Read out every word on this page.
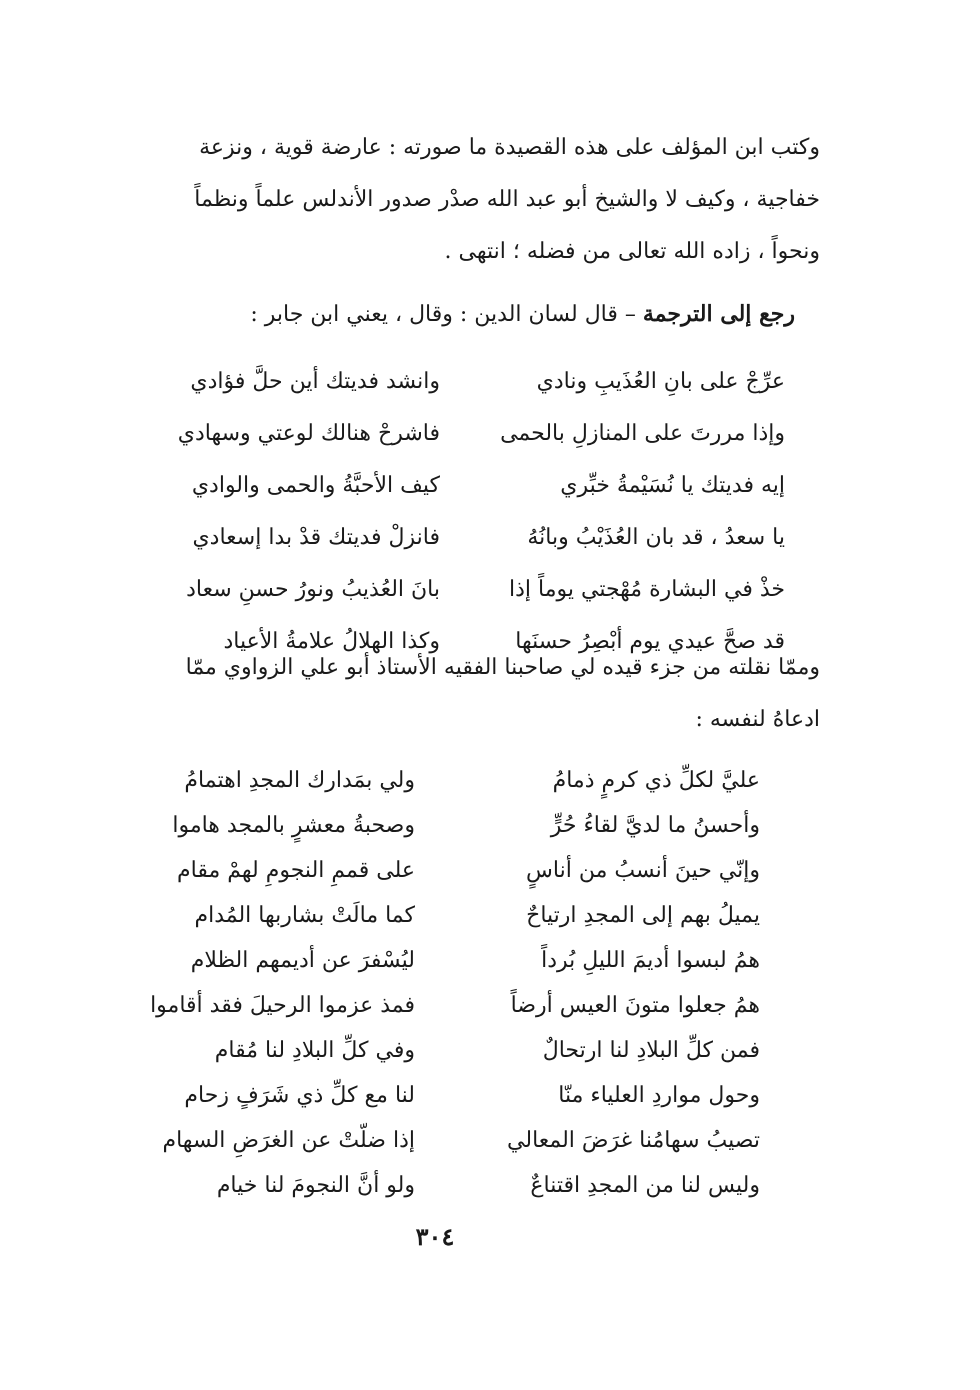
وكتب ابن المؤلف على هذه القصيدة ما صورته : عارضة قوية ، ونزعة
خفاجية ، وكيف لا والشيخ أبو عبد الله صدْر صدور الأندلس علماً ونظماً
ونحواً ، زاده الله تعالى من فضله ؛ انتهى .
رجع إلى الترجمة – قال لسان الدين : وقال ، يعني ابن جابر :
عرِّجْ على بانِ العُذَيبِ ونادي
وانشد فديتك أين حلَّ فؤادي
وإذا مررتَ على المنازلِ بالحمى
فاشرحْ هنالك لوعتي وسهادي
إيه فديتك يا نُسَيْمةُ خبِّري
كيف الأحبَّةُ والحمى والوادي
يا سعدُ ، قد بان العُذَيْبُ وبانُهُ
فانزلْ فديتك قدْ بدا إسعادي
خذْ في البشارة مُهْجتي يوماً إذا
بانَ العُذيبُ ونورُ حسنِ سعاد
قد صحَّ عيدي يوم أبْصِرُ حسنَها
وكذا الهلالُ علامةُ الأعياد
وممّا نقلته من جزء قيده لي صاحبنا الفقيه الأستاذ أبو علي الزواوي ممّا
ادعاهُ لنفسه :
عليَّ لكلِّ ذي كرمٍ ذمامُ
ولي بمَدارك المجدِ اهتمامُ
وأحسنُ ما لديَّ لقاءُ حُرٍّ
وصحبةُ معشرٍ بالمجد هاموا
وإنّي حينَ أنسبُ من أناسٍ
على قممِ النجومِ لهمْ مقام
يميلُ بهم إلى المجدِ ارتياحٌ
كما مالَتْ بشاربها المُدام
همُ لبسوا أديمَ الليلِ بُرداً
ليُسْفرَ عن أديمهم الظلام
همُ جعلوا متونَ العيس أرضاً
فمذ عزموا الرحيلَ فقد أقاموا
فمن كلِّ البلادِ لنا ارتحالٌ
وفي كلِّ البلادِ لنا مُقام
وحول مواردِ العلياء منّا
لنا مع كلِّ ذي شَرَفٍ زحام
تصيبُ سهامُنا غرَضَ المعالي
إذا ضلّتْ عن الغرَضِ السهام
وليس لنا من المجدِ اقتناعٌ
ولو أنَّ النجومَ لنا خيام
٣٠٤
